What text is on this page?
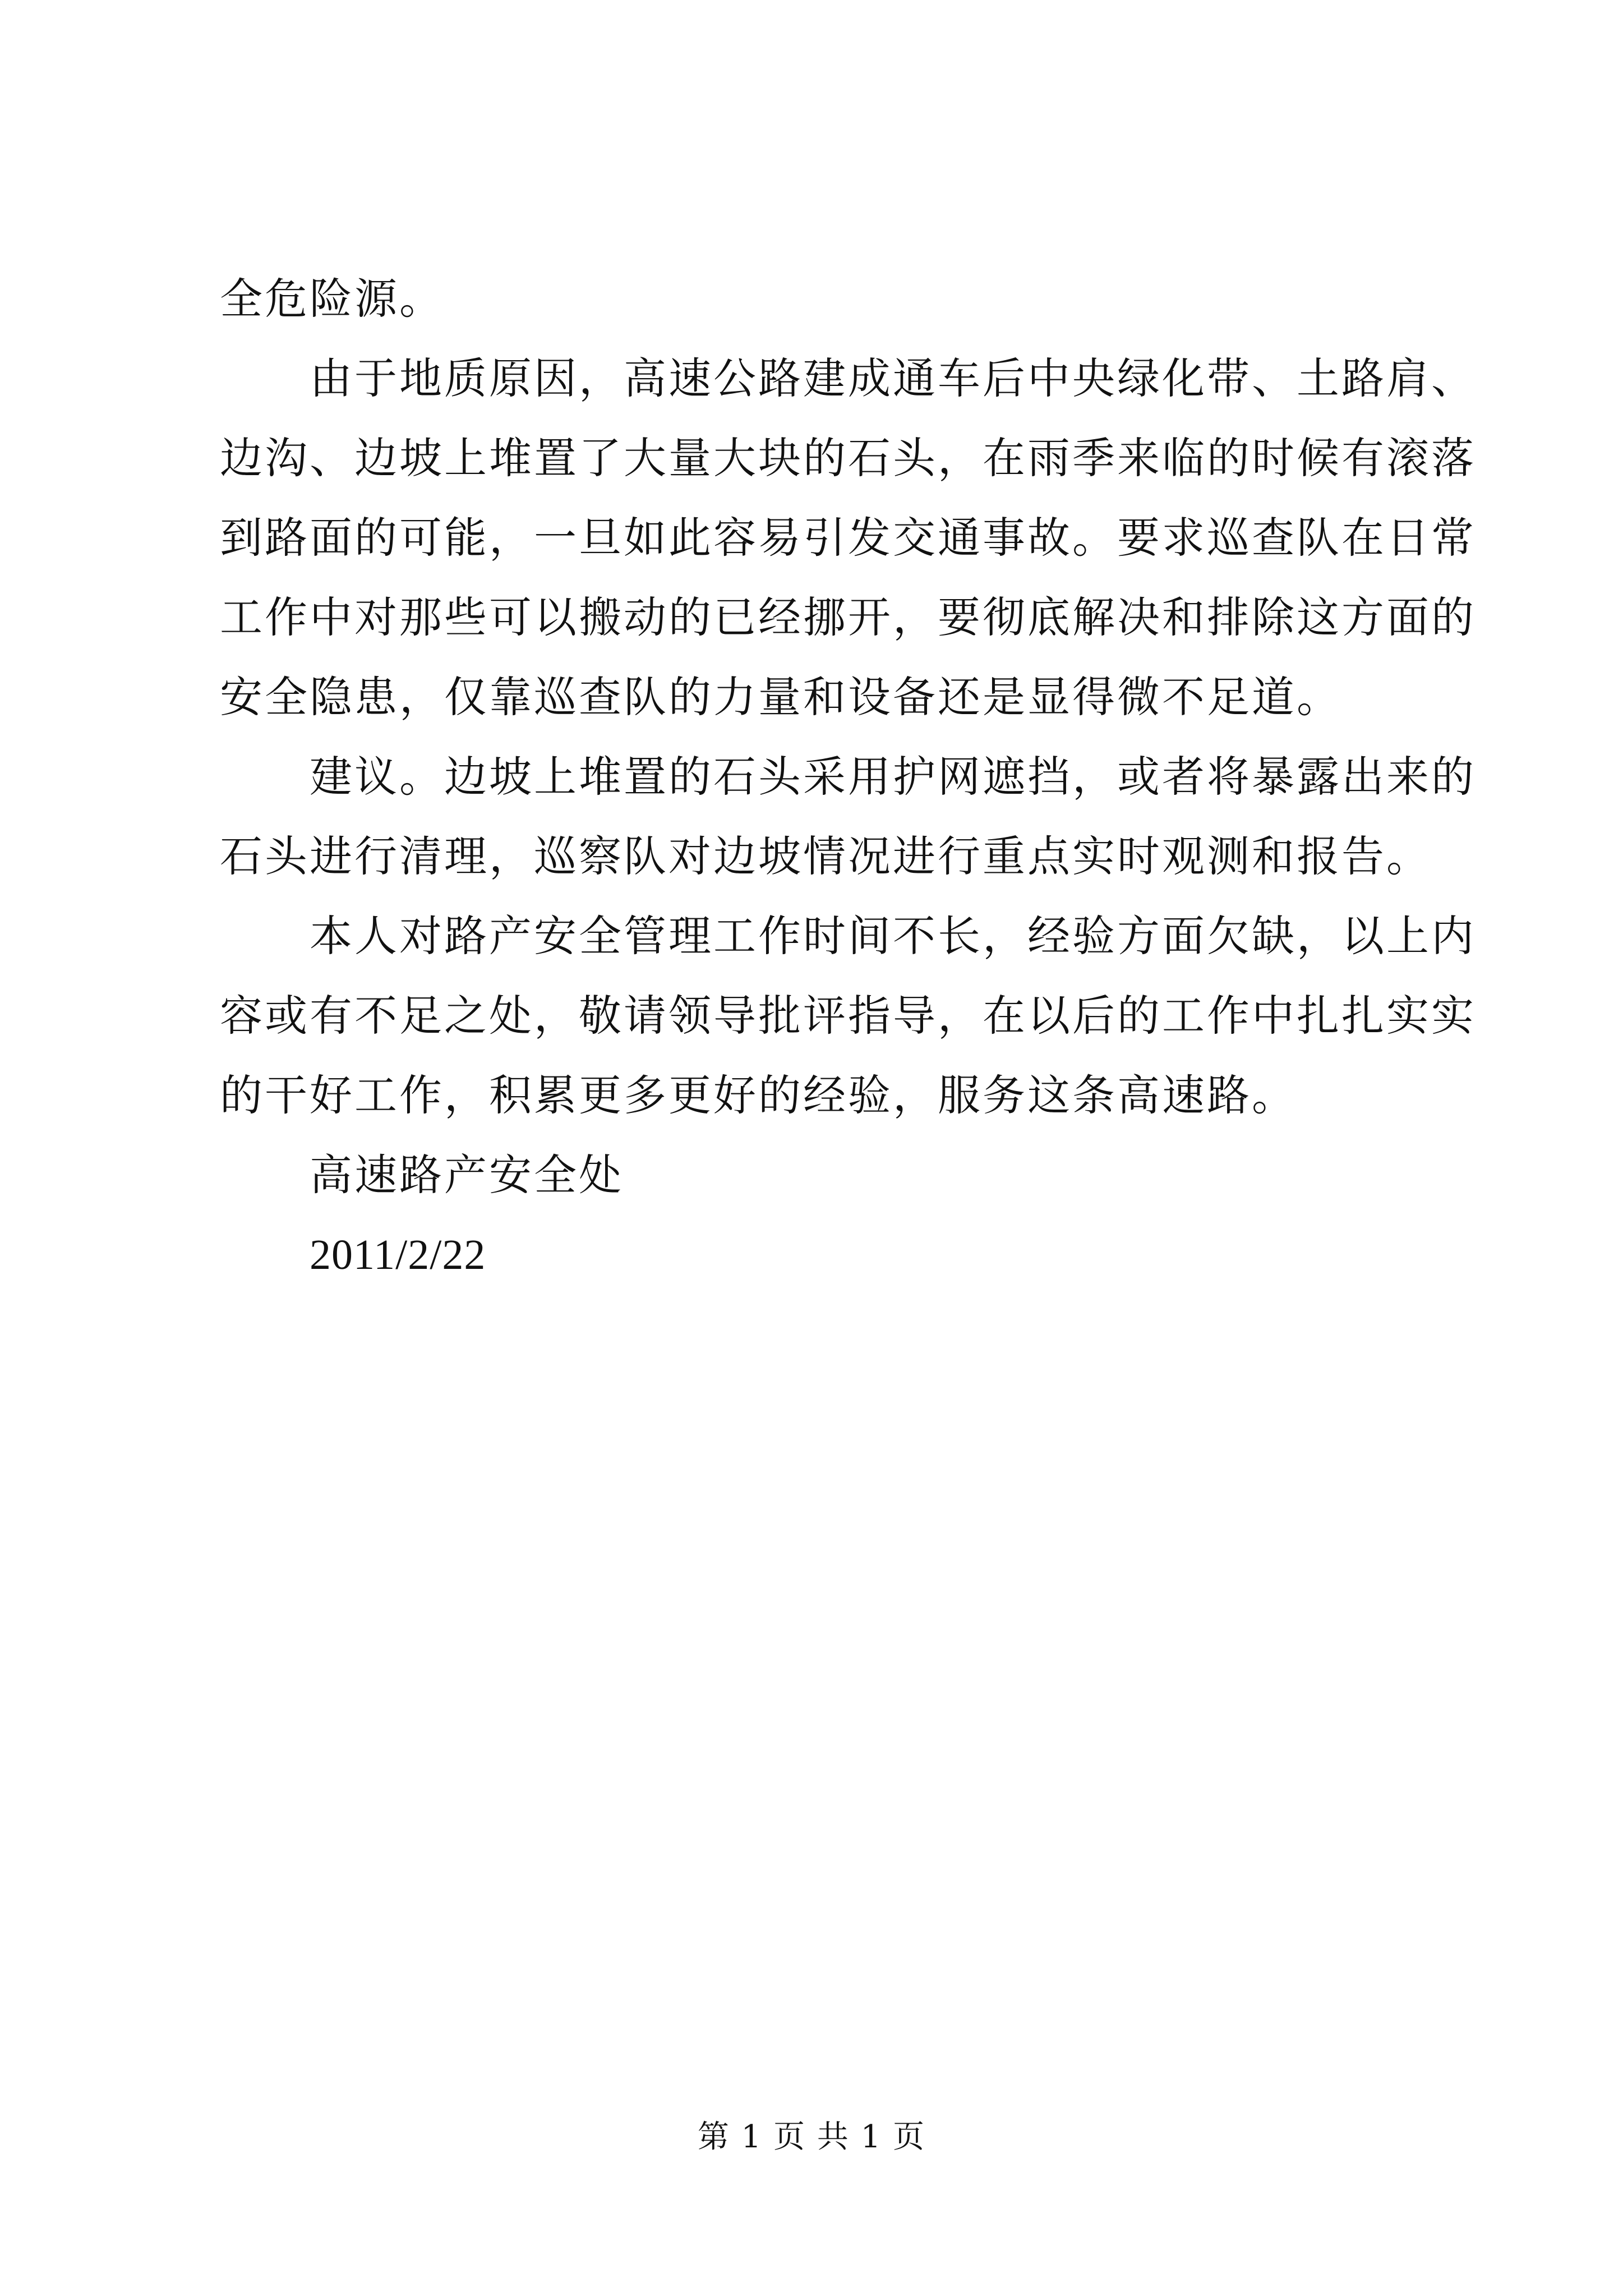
全危险源。
由于地质原因，高速公路建成通车后中央绿化带、土路肩、
边沟、边坡上堆置了大量大块的石头，在雨季来临的时候有滚落
到路面的可能，一旦如此容易引发交通事故。要求巡查队在日常
工作中对那些可以搬动的已经挪开，要彻底解决和排除这方面的
安全隐患，仅靠巡查队的力量和设备还是显得微不足道。
建议。边坡上堆置的石头采用护网遮挡，或者将暴露出来的
石头进行清理，巡察队对边坡情况进行重点实时观测和报告。
本人对路产安全管理工作时间不长，经验方面欠缺，以上内
容或有不足之处，敬请领导批评指导，在以后的工作中扎扎实实
的干好工作，积累更多更好的经验，服务这条高速路。
高速路产安全处
2011/2/22
第 1 页 共 1 页
